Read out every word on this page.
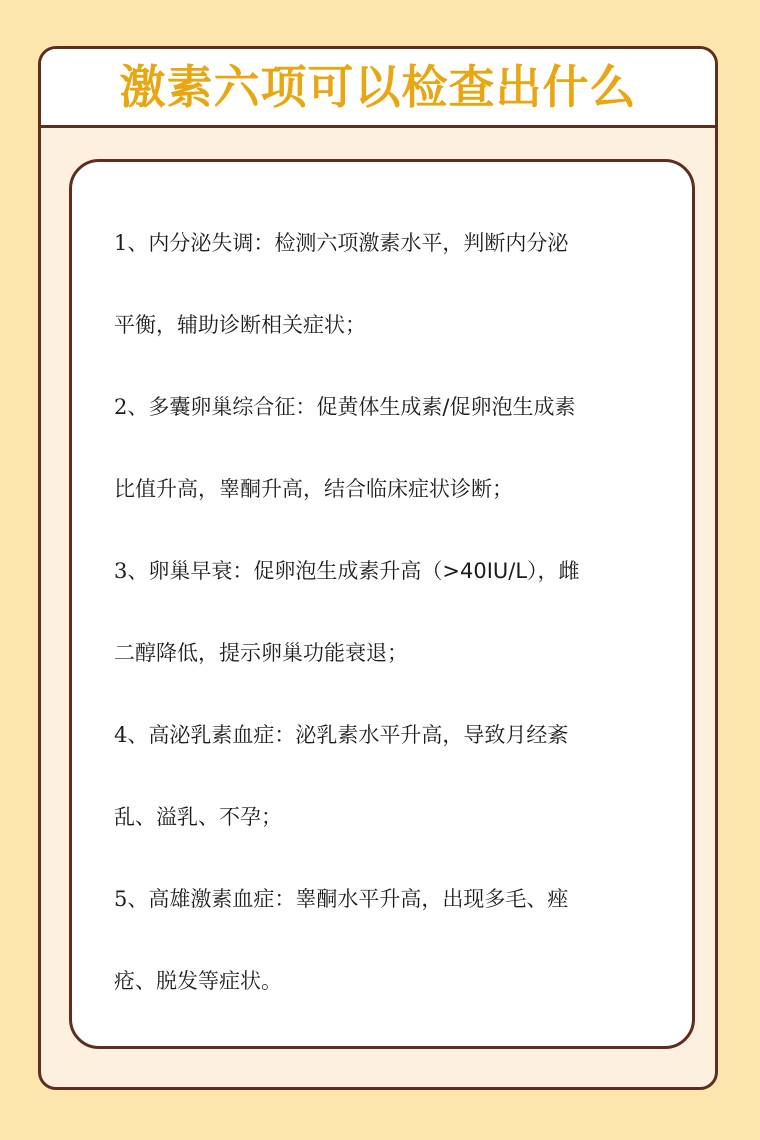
激素六项可以检查出什么

1、内分泌失调：检测六项激素水平，判断内分泌

平衡，辅助诊断相关症状；

2、多囊卵巢综合征：促黄体生成素/促卵泡生成素

比值升高，睾酮升高，结合临床症状诊断；

3、卵巢早衰：促卵泡生成素升高（>40IU/L），雌

二醇降低，提示卵巢功能衰退；

4、高泌乳素血症：泌乳素水平升高，导致月经紊

乱、溢乳、不孕；

5、高雄激素血症：睾酮水平升高，出现多毛、痤

疮、脱发等症状。
